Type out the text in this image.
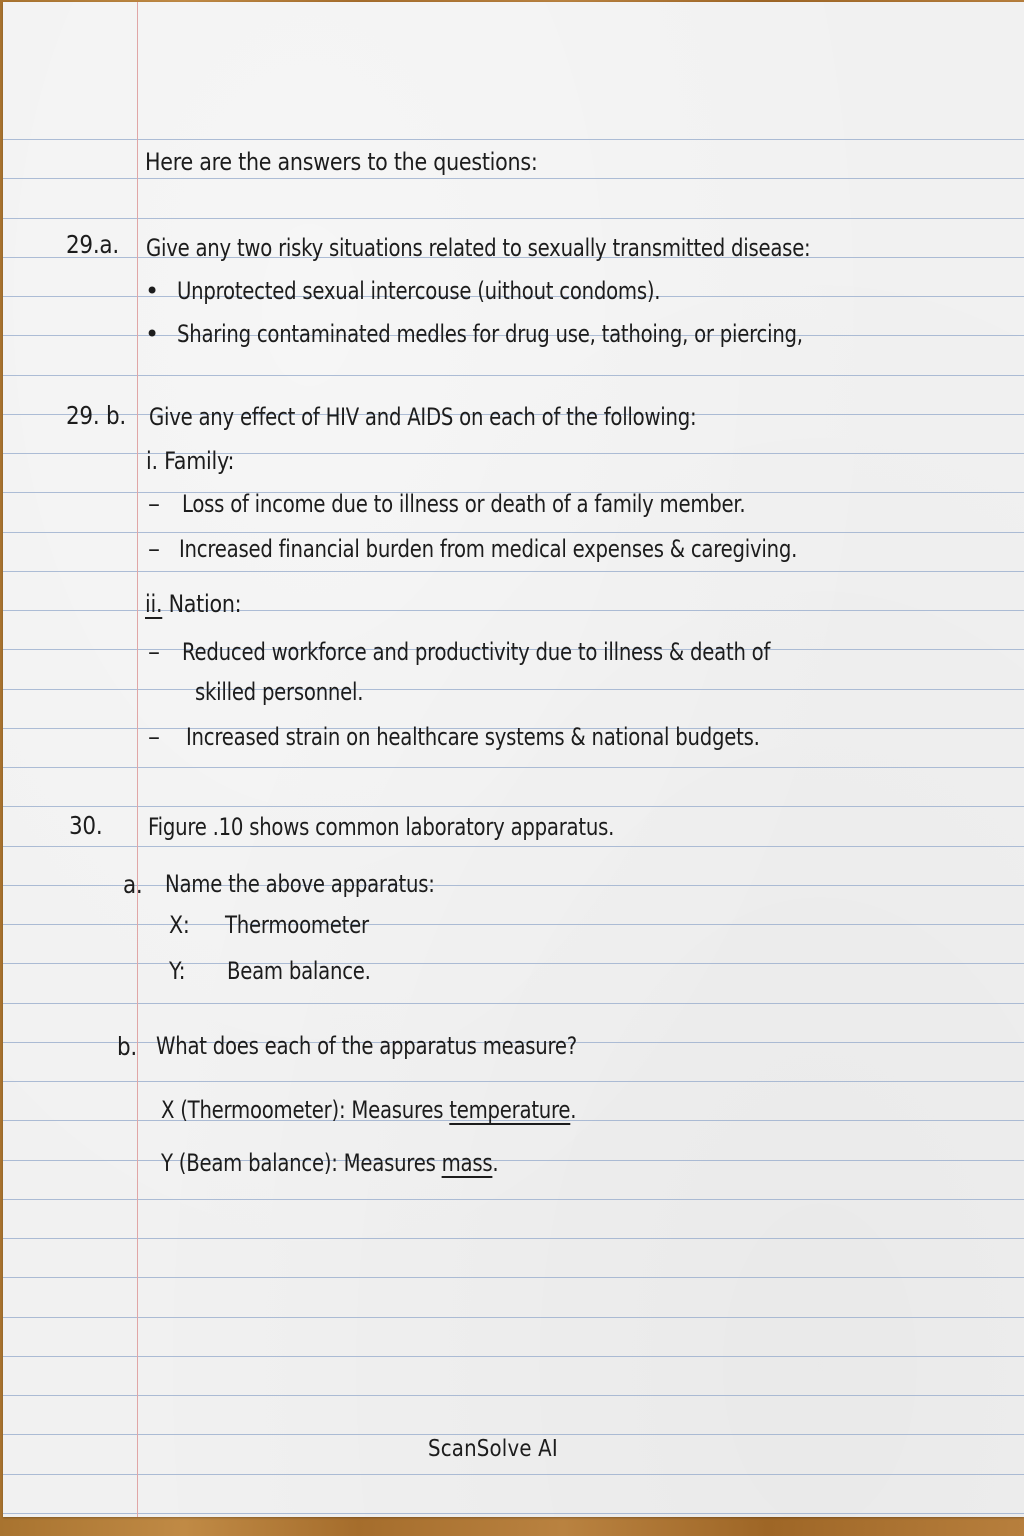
Here are the answers to the questions:
29.a. Give any two risky situations related to sexually transmitted disease:
• Unprotected sexual intercouse (uithout condoms).
• Sharing contaminated medles for drug use, tathoing, or piercing,
29. b. Give any effect of HIV and AIDS on each of the following:
i. Family:
– Loss of income due to illness or death of a family member.
– Increased financial burden from medical expenses & caregiving.
ii. Nation:
– Reduced workforce and productivity due to illness & death of
skilled personnel.
– Increased strain on healthcare systems & national budgets.
30. Figure .10 shows common laboratory apparatus.
a. Name the above apparatus:
X: Thermoometer
Y: Beam balance.
b. What does each of the apparatus measure?
X (Thermoometer): Measures temperature.
Y (Beam balance): Measures mass.
ScanSolve AI
